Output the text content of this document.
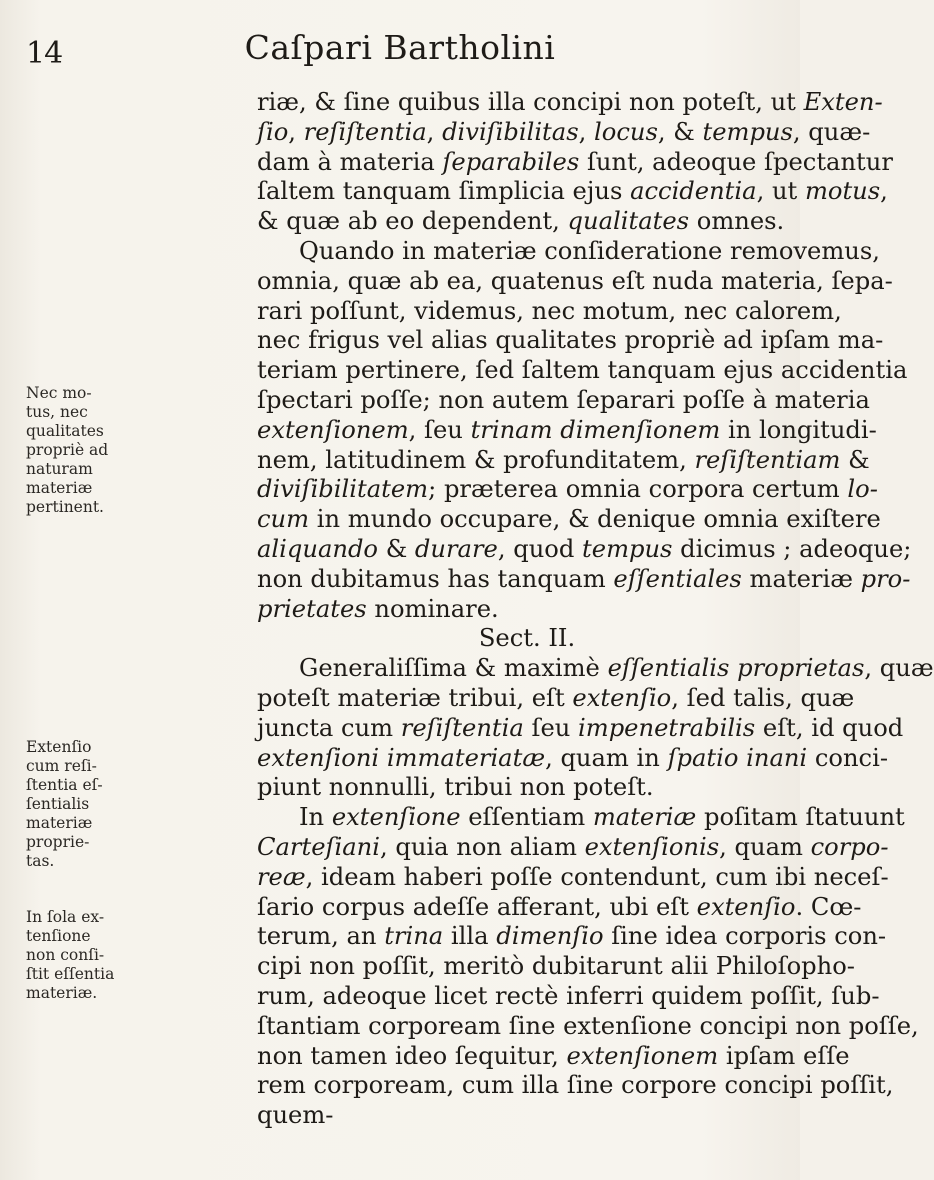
14	Caſpari Bartholini
Nec mo-
tus, nec
qualitates
propriè ad
naturam
materiæ
pertinent.
Extenſio
cum reſi-
ſtentia eſ-
ſentialis
materiæ
proprie-
tas.
In ſola ex-
tenſione
non conſi-
ſtit eſſentia
materiæ.
riæ, & ſine quibus illa concipi non poteſt, ut Exten-
ſio, reſiſtentia, diviſibilitas, locus, & tempus, quæ-
dam à materia ſeparabiles ſunt, adeoque ſpectantur
ſaltem tanquam ſimplicia ejus accidentia, ut motus,
& quæ ab eo dependent, qualitates omnes.
Quando in materiæ conſideratione removemus,
omnia, quæ ab ea, quatenus eſt nuda materia, ſepa-
rari poſſunt, videmus, nec motum, nec calorem,
nec frigus vel alias qualitates propriè ad ipſam ma-
teriam pertinere, ſed ſaltem tanquam ejus accidentia
ſpectari poſſe; non autem ſeparari poſſe à materia
extenſionem, ſeu trinam dimenſionem in longitudi-
nem, latitudinem & profunditatem, reſiſtentiam &
diviſibilitatem; præterea omnia corpora certum lo-
cum in mundo occupare, & denique omnia exiſtere
aliquando & durare, quod tempus dicimus ; adeoque;
non dubitamus has tanquam eſſentiales materiæ pro-
prietates nominare.
Sect. II.
Generaliſſima & maximè eſſentialis proprietas, quæ
poteſt materiæ tribui, eſt extenſio, ſed talis, quæ
juncta cum reſiſtentia ſeu impenetrabilis eſt, id quod
extenſioni immateriatæ, quam in ſpatio inani conci-
piunt nonnulli, tribui non poteſt.
In extenſione eſſentiam materiæ poſitam ſtatuunt
Carteſiani, quia non aliam extenſionis, quam corpo-
reæ, ideam haberi poſſe contendunt, cum ibi neceſ-
ſario corpus adeſſe afferant, ubi eſt extenſio. Cœ-
terum, an trina illa dimenſio ſine idea corporis con-
cipi non poſſit, meritò dubitarunt alii Philoſopho-
rum, adeoque licet rectè inferri quidem poſſit, ſub-
ſtantiam corpoream ſine extenſione concipi non poſſe,
non tamen ideo ſequitur, extenſionem ipſam eſſe
rem corpoream, cum illa ſine corpore concipi poſſit,
quem-
